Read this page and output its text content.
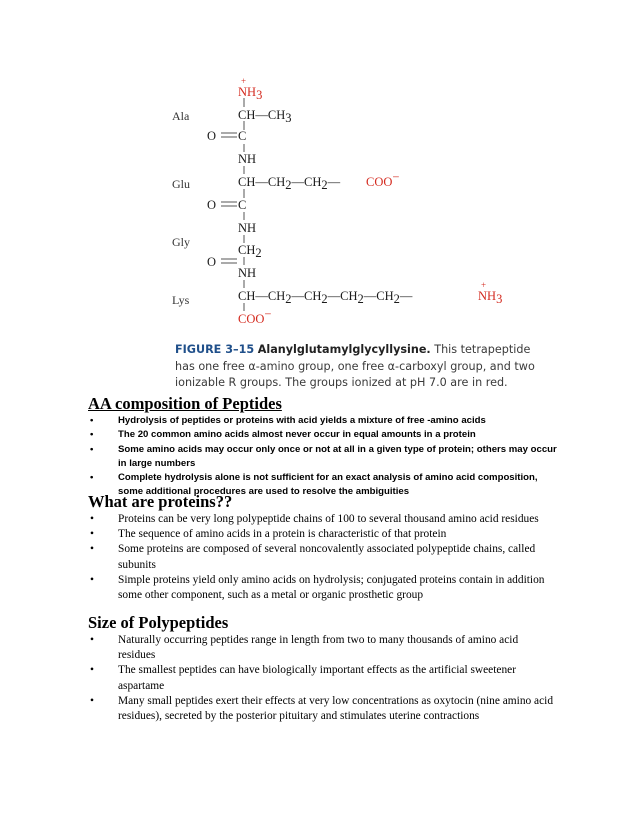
Ala
Glu
Gly
Lys
NH3
+
CH—CH3
O C
NH
CH—CH2—CH2— COO−
O C
NH
CH2
O
NH
CH—CH2—CH2—CH2—CH2—	NH3
+
COO−
FIGURE 3–15 Alanylglutamylglycyllysine. This tetrapeptide has one free α-amino group, one free α-carboxyl group, and two ionizable R groups. The groups ionized at pH 7.0 are in red.
AA composition of Peptides
• Hydrolysis of peptides or proteins with acid yields a mixture of free -amino acids
• The 20 common amino acids almost never occur in equal amounts in a protein
• Some amino acids may occur only once or not at all in a given type of protein; others may occur in large numbers
• Complete hydrolysis alone is not sufficient for an exact analysis of amino acid composition, some additional procedures are used to resolve the ambiguities
What are proteins??
• Proteins can be very long polypeptide chains of 100 to several thousand amino acid residues
• The sequence of amino acids in a protein is characteristic of that protein
• Some proteins are composed of several noncovalently associated polypeptide chains, called subunits
• Simple proteins yield only amino acids on hydrolysis; conjugated proteins contain in addition some other component, such as a metal or organic prosthetic group
Size of Polypeptides
• Naturally occurring peptides range in length from two to many thousands of amino acid residues
• The smallest peptides can have biologically important effects as the artificial sweetener aspartame
• Many small peptides exert their effects at very low concentrations as oxytocin (nine amino acid residues), secreted by the posterior pituitary and stimulates uterine contractions
